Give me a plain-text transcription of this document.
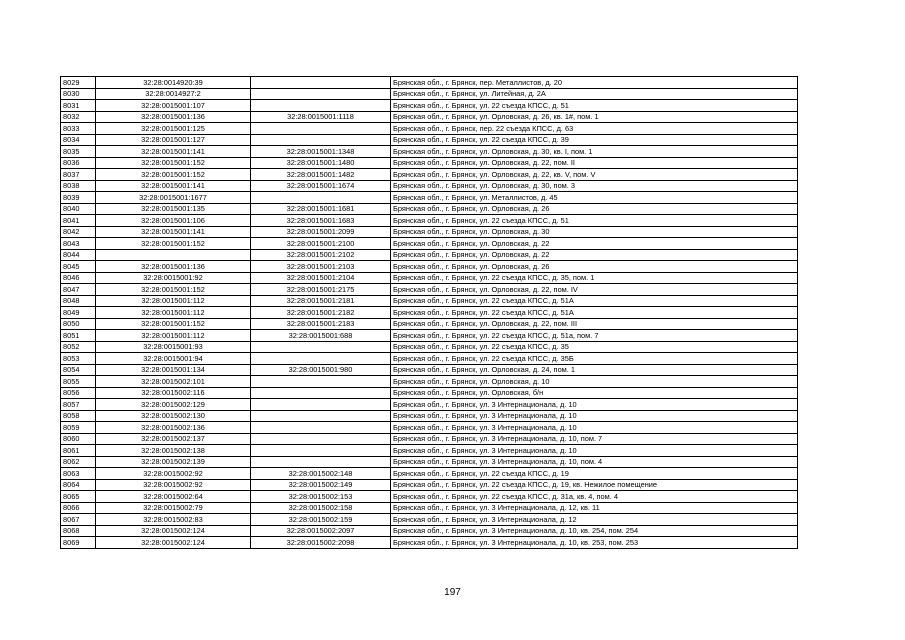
8029	32:28:0014920:39		Брянская обл., г. Брянск, пер. Металлистов, д. 20
8030	32:28:0014927:2		Брянская обл., г. Брянск, ул. Литейная, д. 2А
8031	32:28:0015001:107		Брянская обл., г. Брянск, ул. 22 съезда КПСС, д. 51
8032	32:28:0015001:136	32:28:0015001:1118	Брянская обл., г. Брянск, ул. Орловская, д. 26, кв. 1#, пом. 1
8033	32:28:0015001:125		Брянская обл., г. Брянск, пер. 22 съезда КПСС, д. 63
8034	32:28:0015001:127		Брянская обл., г. Брянск, ул. 22 съезда КПСС, д. 39
8035	32:28:0015001:141	32:28:0015001:1348	Брянская обл., г. Брянск, ул. Орловская, д. 30, кв. I, пом. 1
8036	32:28:0015001:152	32:28:0015001:1480	Брянская обл., г. Брянск, ул. Орловская, д. 22, пом. II
8037	32:28:0015001:152	32:28:0015001:1482	Брянская обл., г. Брянск, ул. Орловская, д. 22, кв. V, пом. V
8038	32:28:0015001:141	32:28:0015001:1674	Брянская обл., г. Брянск, ул. Орловская, д. 30, пом. 3
8039	32:28:0015001:1677		Брянская обл., г. Брянск, ул. Металлистов, д. 45
8040	32:28:0015001:135	32:28:0015001:1681	Брянская обл., г. Брянск, ул. Орловская, д. 26
8041	32:28:0015001:106	32:28:0015001:1683	Брянская обл., г. Брянск, ул. 22 съезда КПСС, д. 51
8042	32:28:0015001:141	32:28:0015001:2099	Брянская обл., г. Брянск, ул. Орловская, д. 30
8043	32:28:0015001:152	32:28:0015001:2100	Брянская обл., г. Брянск, ул. Орловская, д. 22
8044		32:28:0015001:2102	Брянская обл., г. Брянск, ул. Орловская, д. 22
8045	32:28:0015001:136	32:28:0015001:2103	Брянская обл., г. Брянск, ул. Орловская, д. 26
8046	32:28:0015001:92	32:28:0015001:2104	Брянская обл., г. Брянск, ул. 22 съезда КПСС, д. 35, пом. 1
8047	32:28:0015001:152	32:28:0015001:2175	Брянская обл., г. Брянск, ул. Орловская, д. 22, пом. IV
8048	32:28:0015001:112	32:28:0015001:2181	Брянская обл., г. Брянск, ул. 22 съезда КПСС, д. 51А
8049	32:28:0015001:112	32:28:0015001:2182	Брянская обл., г. Брянск, ул. 22 съезда КПСС, д. 51А
8050	32:28:0015001:152	32:28:0015001:2183	Брянская обл., г. Брянск, ул. Орловская, д. 22, пом. III
8051	32:28:0015001:112	32:28:0015001:688	Брянская обл., г. Брянск, ул. 22 съезда КПСС, д. 51а, пом. 7
8052	32:28:0015001:93		Брянская обл., г. Брянск, ул. 22 съезда КПСС, д. 35
8053	32:28:0015001:94		Брянская обл., г. Брянск, ул. 22 съезда КПСС, д. 35Б
8054	32:28:0015001:134	32:28:0015001:980	Брянская обл., г. Брянск, ул. Орловская, д. 24, пом. 1
8055	32:28:0015002:101		Брянская обл., г. Брянск, ул. Орловская, д. 10
8056	32:28:0015002:116		Брянская обл., г. Брянск, ул. Орловская, б/н
8057	32:28:0015002:129		Брянская обл., г. Брянск, ул. 3 Интернационала, д. 10
8058	32:28:0015002:130		Брянская обл., г. Брянск, ул. 3 Интернационала, д. 10
8059	32:28:0015002:136		Брянская обл., г. Брянск, ул. 3 Интернационала, д. 10
8060	32:28:0015002:137		Брянская обл., г. Брянск, ул. 3 Интернационала, д. 10, пом. 7
8061	32:28:0015002:138		Брянская обл., г. Брянск, ул. 3 Интернационала, д. 10
8062	32:28:0015002:139		Брянская обл., г. Брянск, ул. 3 Интернационала, д. 10, пом. 4
8063	32:28:0015002:92	32:28:0015002:148	Брянская обл., г. Брянск, ул. 22 съезда КПСС, д. 19
8064	32:28:0015002:92	32:28:0015002:149	Брянская обл., г. Брянск, ул. 22 съезда КПСС, д. 19, кв. Нежилое помещение
8065	32:28:0015002:64	32:28:0015002:153	Брянская обл., г. Брянск, ул. 22 съезда КПСС, д. 31а, кв. 4, пом. 4
8066	32:28:0015002:79	32:28:0015002:158	Брянская обл., г. Брянск, ул. 3 Интернационала, д. 12, кв. 11
8067	32:28:0015002:83	32:28:0015002:159	Брянская обл., г. Брянск, ул. 3 Интернационала, д. 12
8068	32:28:0015002:124	32:28:0015002:2097	Брянская обл., г. Брянск, ул. 3 Интернационала, д. 10, кв. 254, пом. 254
8069	32:28:0015002:124	32:28:0015002:2098	Брянская обл., г. Брянск, ул. 3 Интернационала, д. 10, кв. 253, пом. 253
197
